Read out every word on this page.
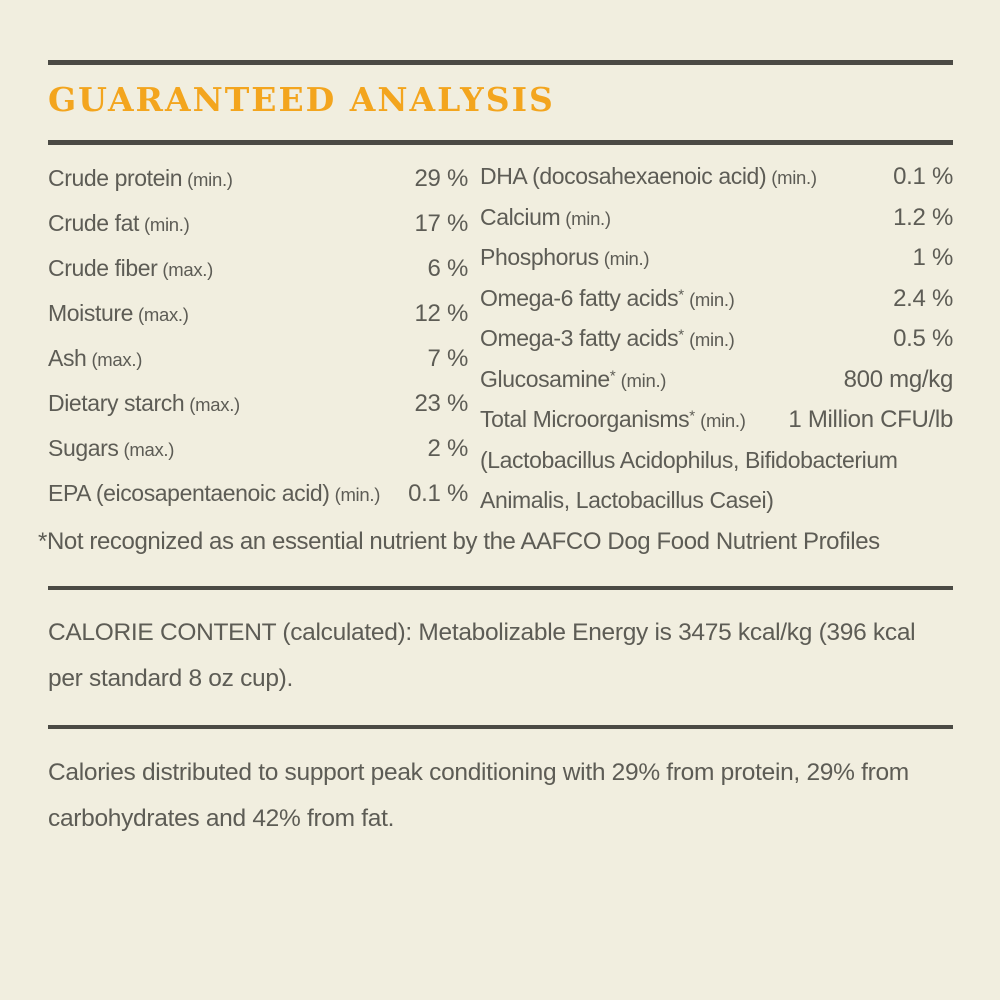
GUARANTEED ANALYSIS
Crude protein (min.)	29 %
Crude fat (min.)	17 %
Crude fiber (max.)	6 %
Moisture (max.)	12 %
Ash (max.)	7 %
Dietary starch (max.)	23 %
Sugars (max.)	2 %
EPA (eicosapentaenoic acid) (min.) 0.1 %
DHA (docosahexaenoic acid) (min.)	0.1 %
Calcium (min.)	1.2 %
Phosphorus (min.)	1 %
Omega-6 fatty acids* (min.)	2.4 %
Omega-3 fatty acids* (min.)	0.5 %
Glucosamine* (min.)	800 mg/kg
Total Microorganisms* (min.) 1 Million CFU/lb
(Lactobacillus Acidophilus, Bifidobacterium
Animalis, Lactobacillus Casei)
*Not recognized as an essential nutrient by the AAFCO Dog Food Nutrient Profiles
CALORIE CONTENT (calculated): Metabolizable Energy is 3475 kcal/kg (396 kcal per standard 8 oz cup).
Calories distributed to support peak conditioning with 29% from protein, 29% from carbohydrates and 42% from fat.
